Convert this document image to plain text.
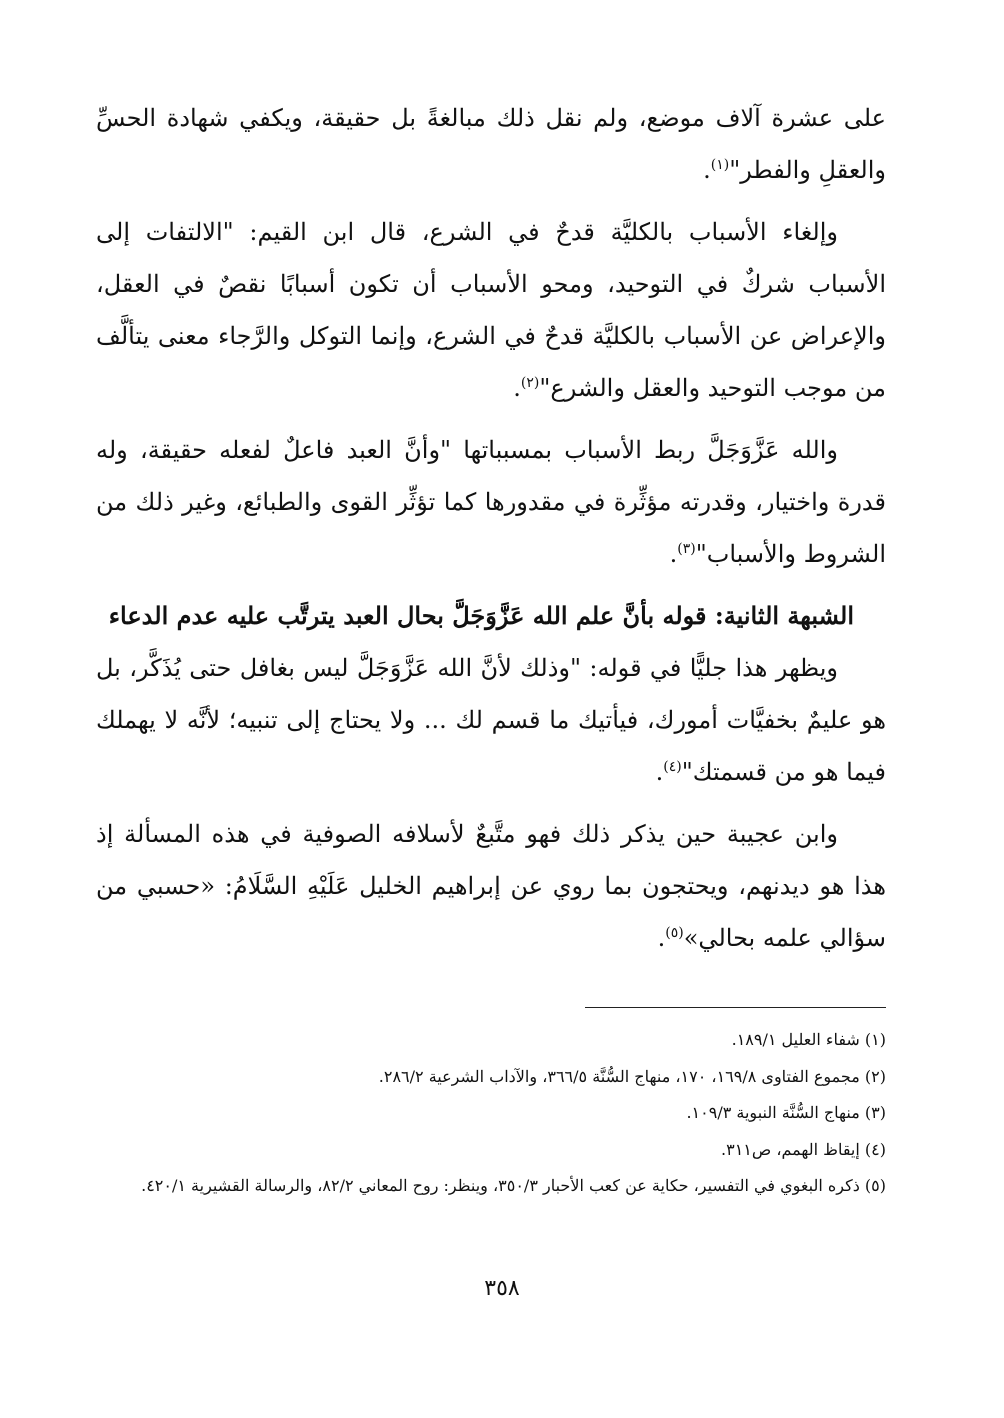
على عشرة آلاف موضع، ولم نقل ذلك مبالغةً بل حقيقة، ويكفي شهادة الحسِّ والعقلِ والفطر"$^{(١)}$.

وإلغاء الأسباب بالكليَّة قدحٌ في الشرع، قال ابن القيم: "الالتفات إلى الأسباب شركٌ في التوحيد، ومحو الأسباب أن تكون أسبابًا نقصٌ في العقل، والإعراض عن الأسباب بالكليَّة قدحٌ في الشرع، وإنما التوكل والرَّجاء معنى يتألَّف من موجب التوحيد والعقل والشرع"$^{(٢)}$.

والله عَزَّوَجَلَّ ربط الأسباب بمسبباتها "وأنَّ العبد فاعلٌ لفعله حقيقة، وله قدرة واختيار، وقدرته مؤثِّرة في مقدورها كما تؤثِّر القوى والطبائع، وغير ذلك من الشروط والأسباب"$^{(٣)}$.

الشبهة الثانية: قوله بأنَّ علم الله عَزَّوَجَلَّ بحال العبد يترتَّب عليه عدم الدعاء

ويظهر هذا جليًّا في قوله: "وذلك لأنَّ الله عَزَّوَجَلَّ ليس بغافل حتى يُذَكَّر، بل هو عليمٌ بخفيَّات أمورك، فيأتيك ما قسم لك ... ولا يحتاج إلى تنبيه؛ لأنَّه لا يهملك فيما هو من قسمتك"$^{(٤)}$.

وابن عجيبة حين يذكر ذلك فهو متَّبعٌ لأسلافه الصوفية في هذه المسألة إذ هذا هو ديدنهم، ويحتجون بما روي عن إبراهيم الخليل عَلَيْهِ السَّلَامُ: «حسبي من سؤالي علمه بحالي»$^{(٥)}$.

(١) شفاء العليل ١٨٩/١.

(٢) مجموع الفتاوى ١٦٩/٨، ١٧٠، منهاج السُّنَّة ٣٦٦/٥، والآداب الشرعية ٢٨٦/٢.

(٣) منهاج السُّنَّة النبوية ١٠٩/٣.

(٤) إيقاظ الهمم، ص٣١١.

(٥) ذكره البغوي في التفسير، حكاية عن كعب الأحبار ٣٥٠/٣، وينظر: روح المعاني ٨٢/٢، والرسالة القشيرية ٤٢٠/١.

٣٥٨
